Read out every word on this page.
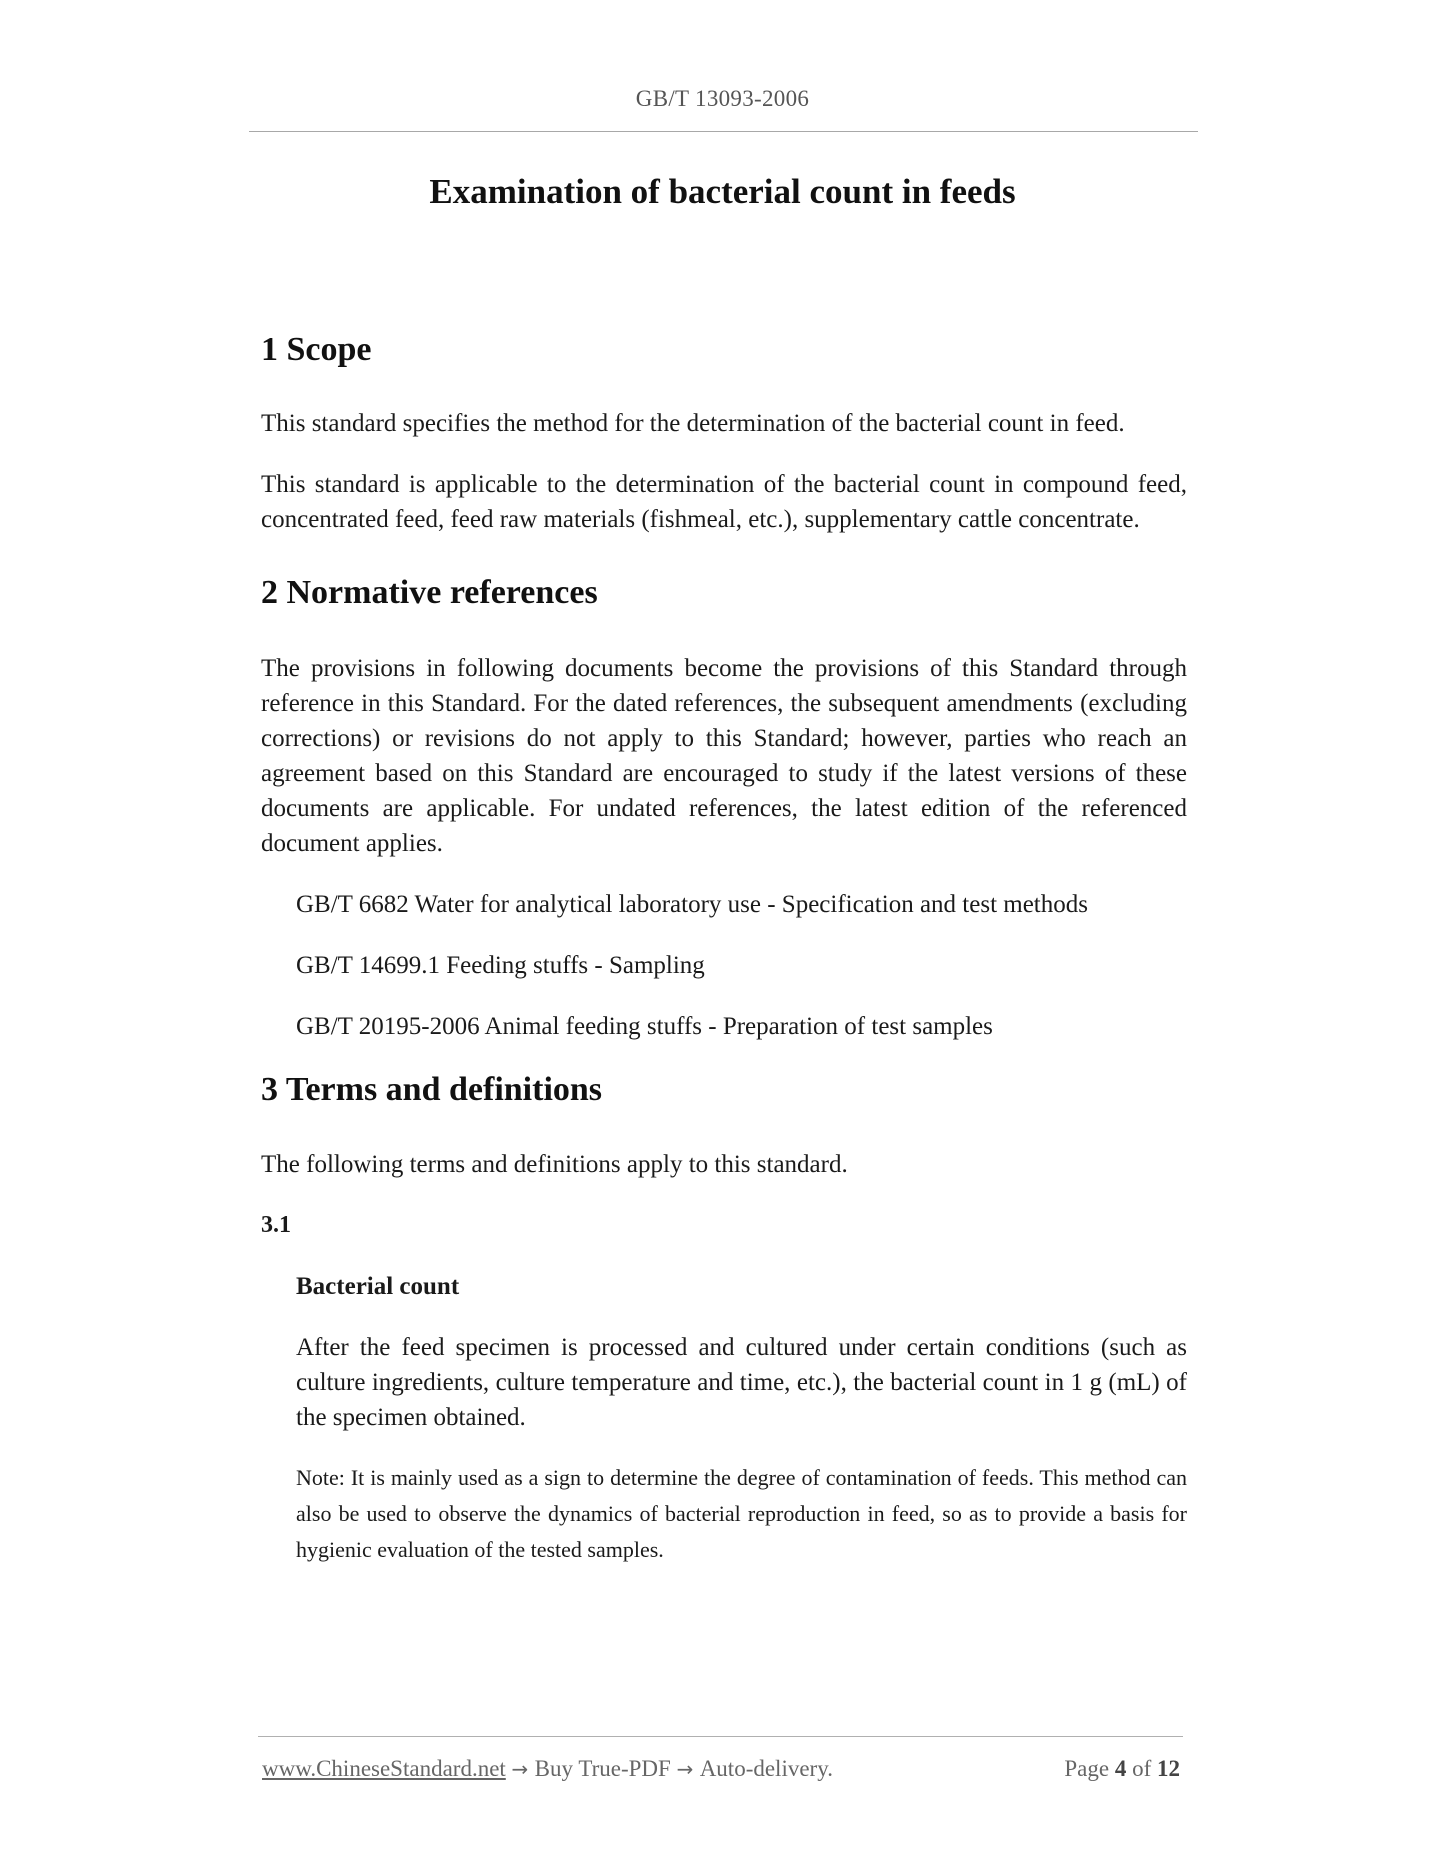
GB/T 13093-2006
Examination of bacterial count in feeds
1 Scope

This standard specifies the method for the determination of the bacterial count in feed.

This standard is applicable to the determination of the bacterial count in compound feed, concentrated feed, feed raw materials (fishmeal, etc.), supplementary cattle concentrate.

2 Normative references

The provisions in following documents become the provisions of this Standard through reference in this Standard. For the dated references, the subsequent amendments (excluding corrections) or revisions do not apply to this Standard; however, parties who reach an agreement based on this Standard are encouraged to study if the latest versions of these documents are applicable. For undated references, the latest edition of the referenced document applies.

GB/T 6682 Water for analytical laboratory use - Specification and test methods
GB/T 14699.1 Feeding stuffs - Sampling
GB/T 20195-2006 Animal feeding stuffs - Preparation of test samples
3 Terms and definitions

The following terms and definitions apply to this standard.

3.1
Bacterial count

After the feed specimen is processed and cultured under certain conditions (such as culture ingredients, culture temperature and time, etc.), the bacterial count in 1 g (mL) of the specimen obtained.

Note: It is mainly used as a sign to determine the degree of contamination of feeds. This method can also be used to observe the dynamics of bacterial reproduction in feed, so as to provide a basis for hygienic evaluation of the tested samples.

www.ChineseStandard.net → Buy True-PDF → Auto-delivery.	Page 4 of 12
